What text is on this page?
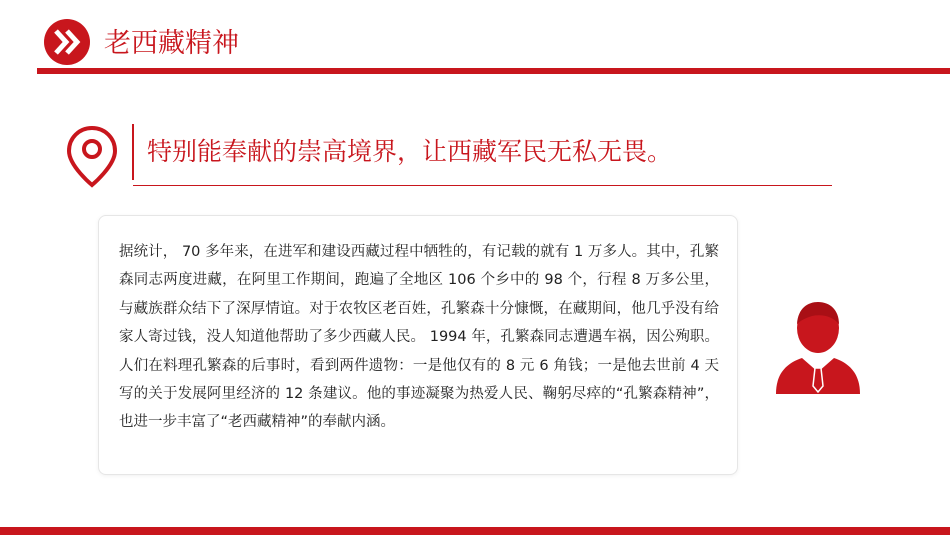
老西藏精神
特别能奉献的崇高境界，让西藏军民无私无畏。

据统计， 70 多年来，在进军和建设西藏过程中牺牲的，有记载的就有 1 万多人。其中，孔繁森同志两度进藏，在阿里工作期间，跑遍了全地区 106 个乡中的 98 个，行程 8 万多公里，与藏族群众结下了深厚情谊。对于农牧区老百姓，孔繁森十分慷慨，在藏期间，他几乎没有给家人寄过钱，没人知道他帮助了多少西藏人民。 1994 年，孔繁森同志遭遇车祸，因公殉职。人们在料理孔繁森的后事时，看到两件遗物：一是他仅有的 8 元 6 角钱；一是他去世前 4 天写的关于发展阿里经济的 12 条建议。他的事迹凝聚为热爱人民、鞠躬尽瘁的“孔繁森精神”，也进一步丰富了“老西藏精神”的奉献内涵。
